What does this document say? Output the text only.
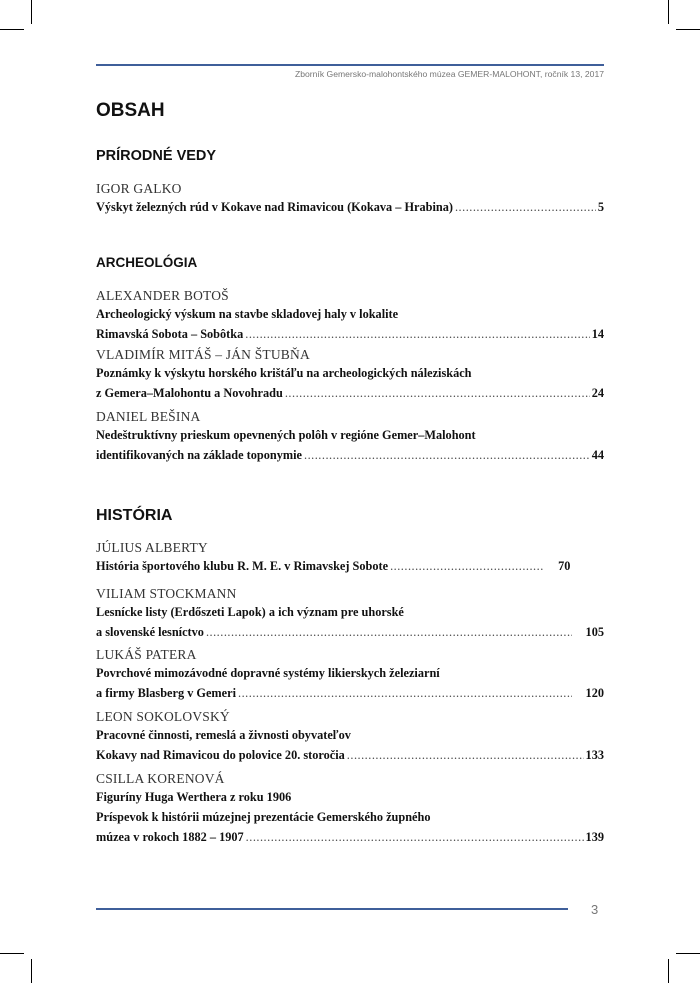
Zborník Gemersko-malohontského múzea GEMER-MALOHONT, ročník 13, 2017
OBSAH
PRÍRODNÉ VEDY
IGOR GALKO
Výskyt železných rúd v Kokave nad Rimavicou (Kokava – Hrabina) .....	5
ARCHEOLÓGIA
ALEXANDER BOTOŠ
Archeologický výskum na stavbe skladovej haly v lokalite
Rimavská Sobota – Sobôtka .....	14
VLADIMÍR MITÁŠ – JÁN ŠTUBŇA
Poznámky k výskytu horského krištáľu na archeologických náleziskách
z Gemera–Malohontu a Novohradu .....	24
DANIEL BEŠINA
Nedeštruktívny prieskum opevnených polôh v regióne Gemer–Malohont
identifikovaných na základe toponymie .....	44
HISTÓRIA
JÚLIUS ALBERTY
História športového klubu R. M. E. v Rimavskej Sobote .....	70
VILIAM STOCKMANN
Lesnícke listy (Erdőszeti Lapok) a ich význam pre uhorské
a slovenské lesníctvo .....	105
LUKÁŠ PATERA
Povrchové mimozávodné dopravné systémy likierskych železiarní
a firmy Blasberg v Gemeri .....	120
LEON SOKOLOVSKÝ
Pracovné činnosti, remeslá a živnosti obyvateľov
Kokavy nad Rimavicou do polovice 20. storočia .....	133
CSILLA KORENOVÁ
Figuríny Huga Werthera z roku 1906
Príspevok k histórii múzejnej prezentácie Gemerského župného
múzea v rokoch 1882 – 1907 .....	139
3
